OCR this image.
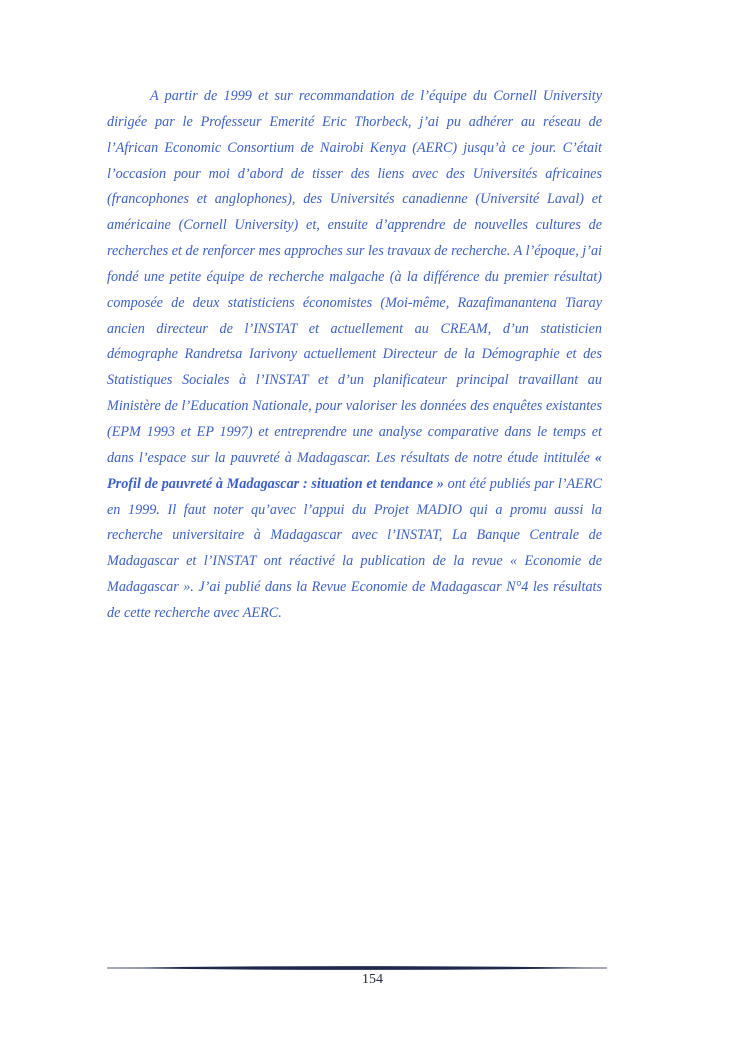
A partir de 1999 et sur recommandation de l’équipe du Cornell University dirigée par le Professeur Emerité Eric Thorbeck, j’ai pu adhérer au réseau de l’African Economic Consortium de Nairobi Kenya (AERC) jusqu’à ce jour. C’était l’occasion pour moi d’abord de tisser des liens avec des Universités africaines (francophones et anglophones), des Universités canadienne (Université Laval) et américaine (Cornell University) et, ensuite d’apprendre de nouvelles cultures de recherches et de renforcer mes approches sur les travaux de recherche. A l’époque, j’ai fondé une petite équipe de recherche malgache (à la différence du premier résultat) composée de deux statisticiens économistes (Moi-même, Razafimanantena Tiaray ancien directeur de l’INSTAT et actuellement au CREAM, d’un statisticien démographe Randretsa Iarivony actuellement Directeur de la Démographie et des Statistiques Sociales à l’INSTAT et d’un planificateur principal travaillant au Ministère de l’Education Nationale, pour valoriser les données des enquêtes existantes (EPM 1993 et EP 1997) et entreprendre une analyse comparative dans le temps et dans l’espace sur la pauvreté à Madagascar. Les résultats de notre étude intitulée « Profil de pauvreté à Madagascar : situation et tendance » ont été publiés par l’AERC en 1999. Il faut noter qu’avec l’appui du Projet MADIO qui a promu aussi la recherche universitaire à Madagascar avec l’INSTAT, La Banque Centrale de Madagascar et l’INSTAT ont réactivé la publication de la revue « Economie de Madagascar ». J’ai publié dans la Revue Economie de Madagascar N°4 les résultats de cette recherche avec AERC.

154
